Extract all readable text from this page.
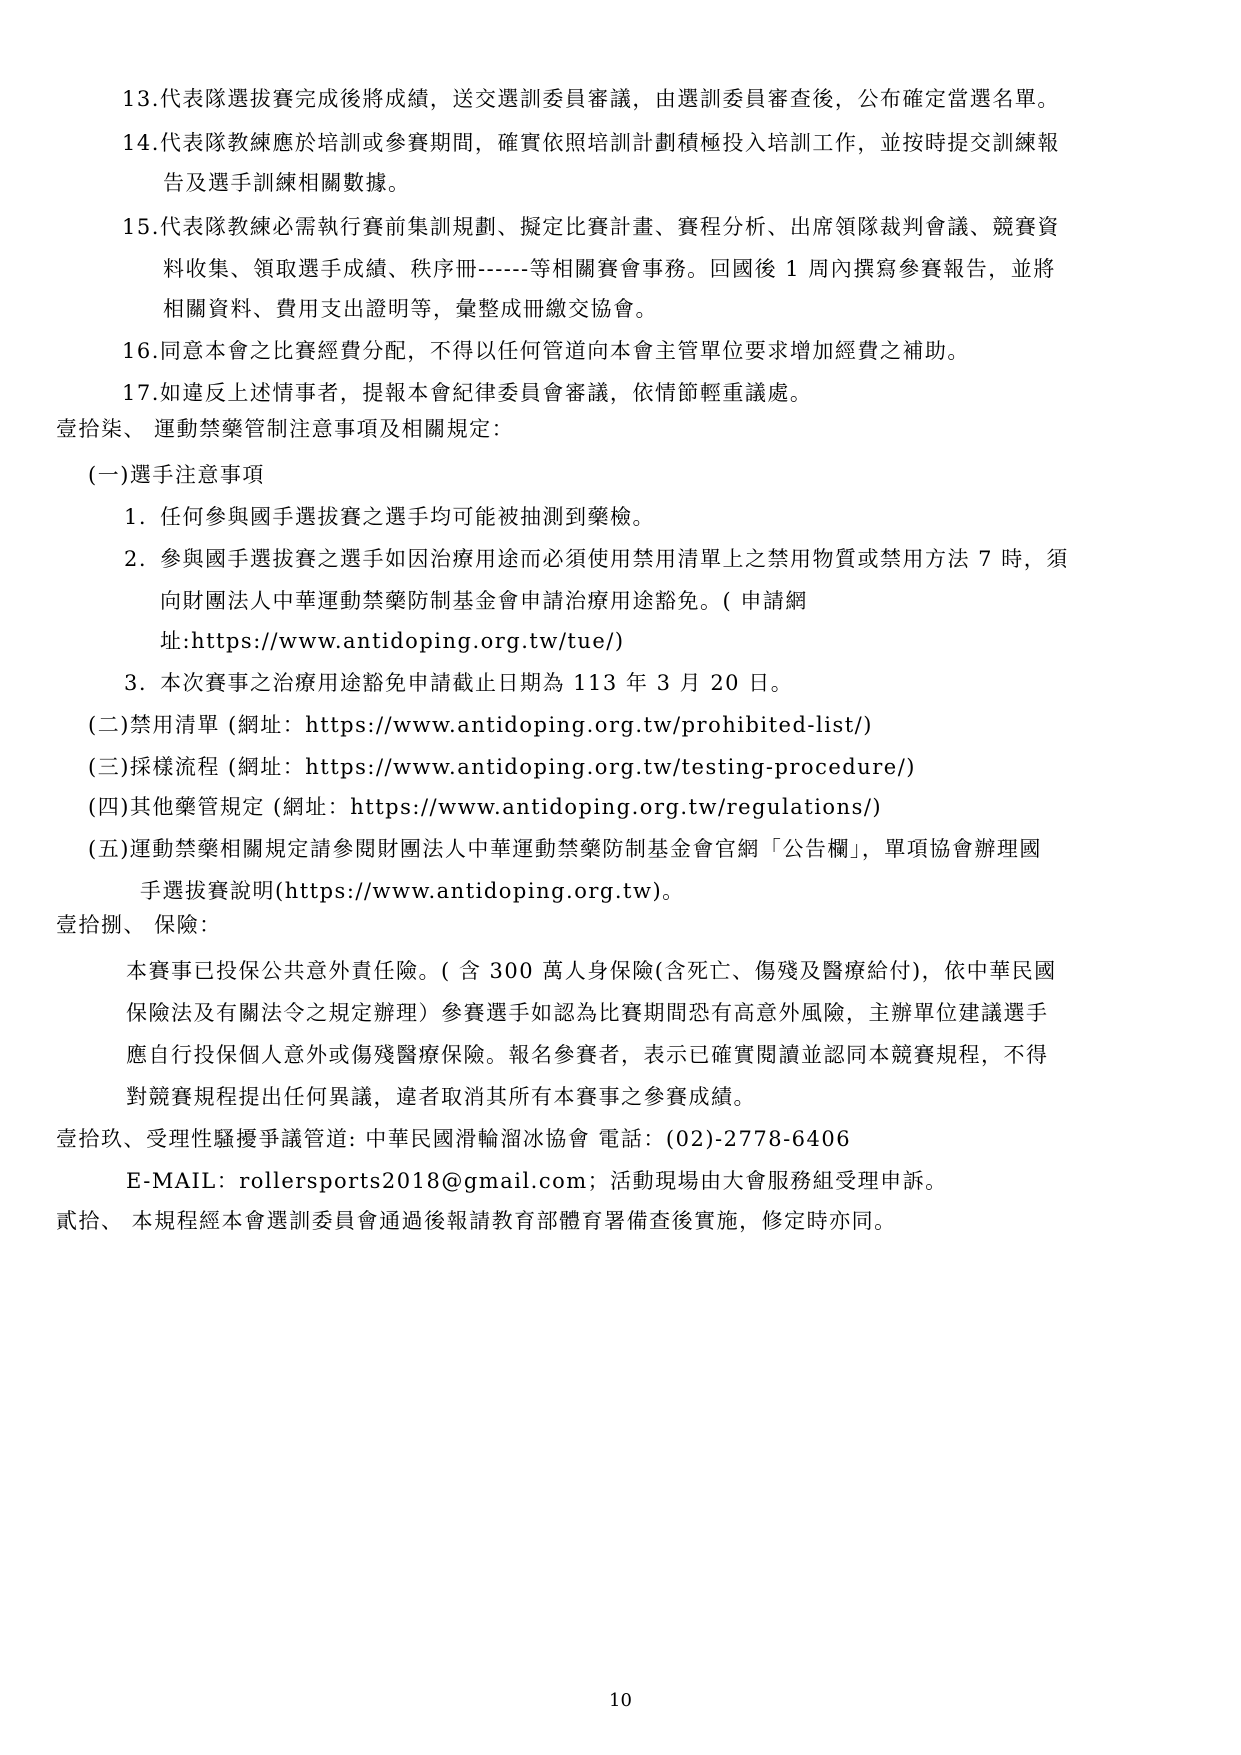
13.代表隊選拔賽完成後將成績，送交選訓委員審議，由選訓委員審查後，公布確定當選名單。
14.代表隊教練應於培訓或參賽期間，確實依照培訓計劃積極投入培訓工作，並按時提交訓練報
告及選手訓練相關數據。
15.代表隊教練必需執行賽前集訓規劃、擬定比賽計畫、賽程分析、出席領隊裁判會議、競賽資
料收集、領取選手成績、秩序冊------等相關賽會事務。回國後 1 周內撰寫參賽報告，並將
相關資料、費用支出證明等，彙整成冊繳交協會。
16.同意本會之比賽經費分配，不得以任何管道向本會主管單位要求增加經費之補助。
17.如違反上述情事者，提報本會紀律委員會審議，依情節輕重議處。
壹拾柒、 運動禁藥管制注意事項及相關規定：
(一)選手注意事項
1. 任何參與國手選拔賽之選手均可能被抽測到藥檢。
2. 參與國手選拔賽之選手如因治療用途而必須使用禁用清單上之禁用物質或禁用方法 7 時，須
向財團法人中華運動禁藥防制基金會申請治療用途豁免。( 申請網
址:https://www.antidoping.org.tw/tue/)
3. 本次賽事之治療用途豁免申請截止日期為 113 年 3 月 20 日。
(二)禁用清單 (網址：https://www.antidoping.org.tw/prohibited-list/)
(三)採樣流程 (網址：https://www.antidoping.org.tw/testing-procedure/)
(四)其他藥管規定 (網址：https://www.antidoping.org.tw/regulations/)
(五)運動禁藥相關規定請參閱財團法人中華運動禁藥防制基金會官網「公告欄」，單項協會辦理國
手選拔賽說明(https://www.antidoping.org.tw)。
壹拾捌、 保險：
本賽事已投保公共意外責任險。( 含 300 萬人身保險(含死亡、傷殘及醫療給付)，依中華民國
保險法及有關法令之規定辦理）參賽選手如認為比賽期間恐有高意外風險，主辦單位建議選手
應自行投保個人意外或傷殘醫療保險。報名參賽者，表示已確實閱讀並認同本競賽規程，不得
對競賽規程提出任何異議，違者取消其所有本賽事之參賽成績。
壹拾玖、受理性騷擾爭議管道: 中華民國滑輪溜冰協會 電話：(02)-2778-6406
E-MAIL：rollersports2018@gmail.com；活動現場由大會服務組受理申訴。
貳拾、 本規程經本會選訓委員會通過後報請教育部體育署備查後實施，修定時亦同。
10
